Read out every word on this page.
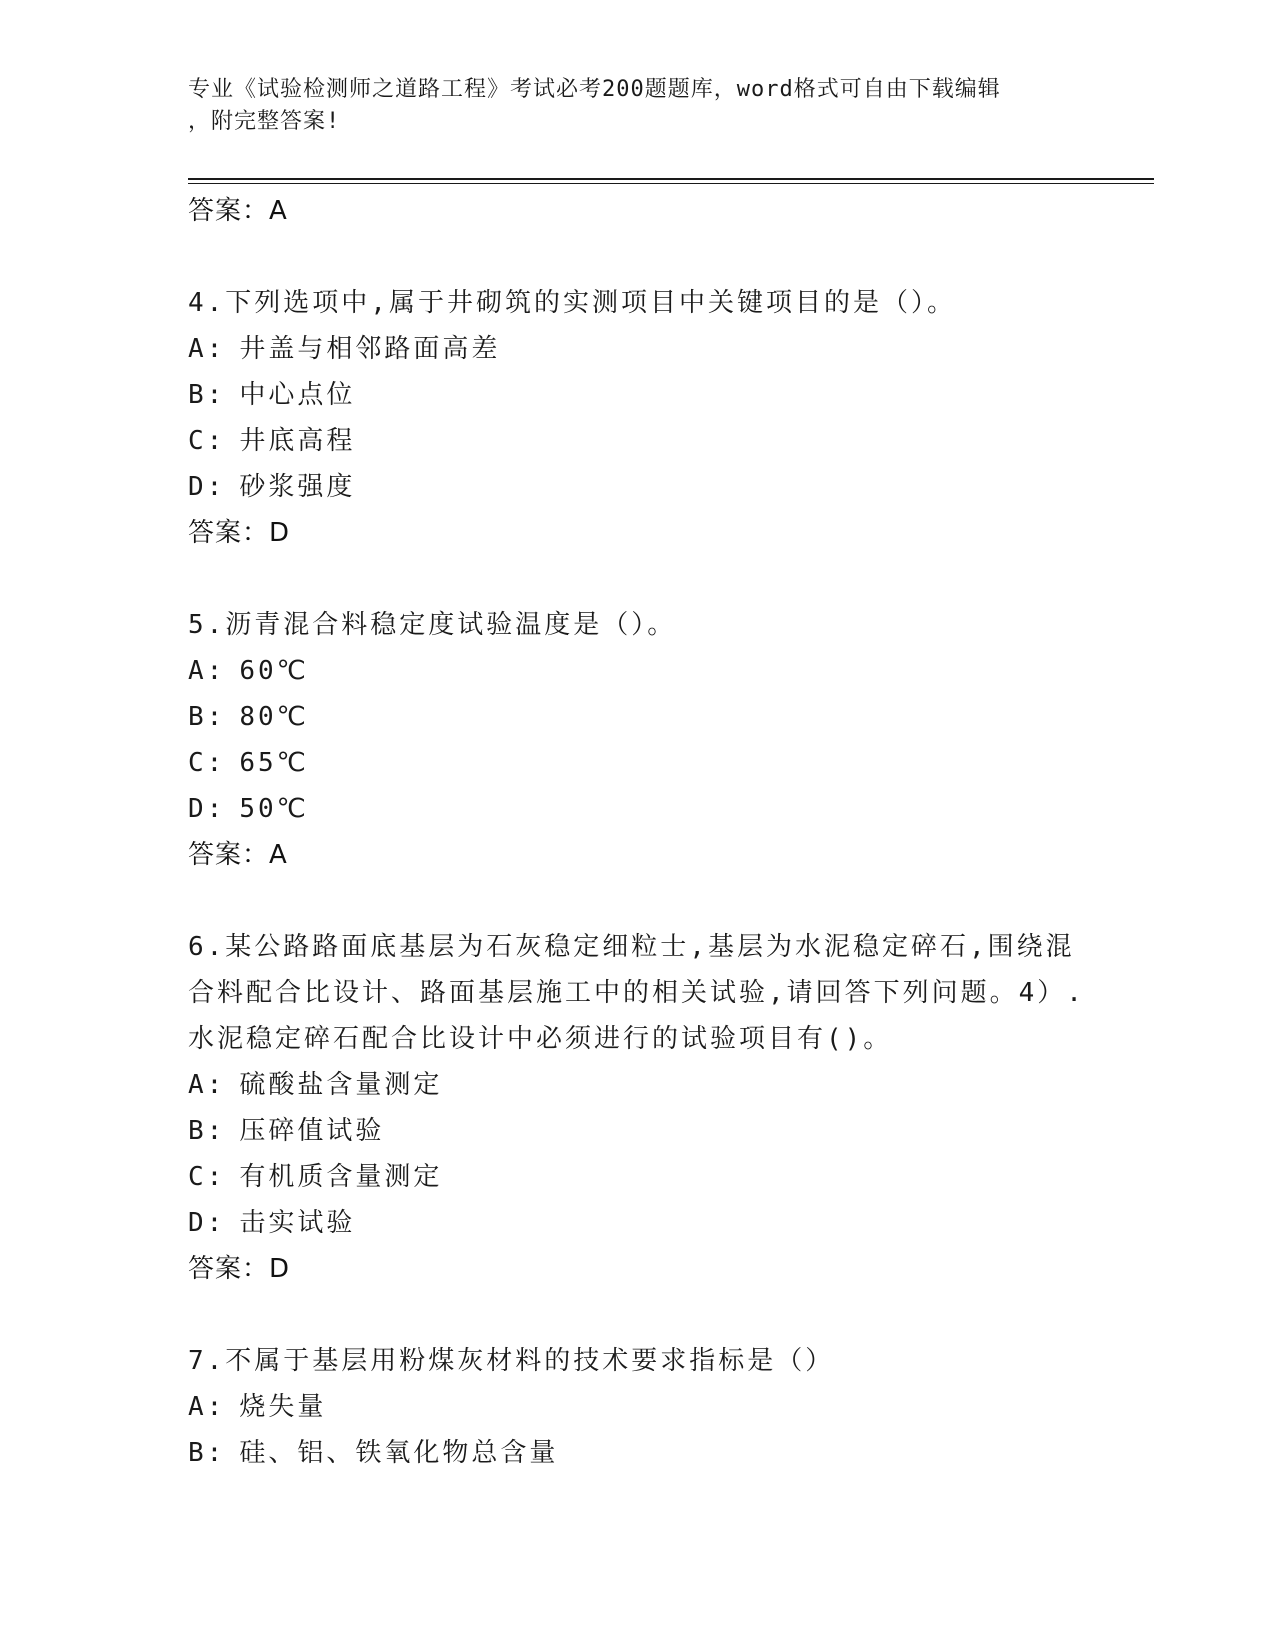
专业《试验检测师之道路工程》考试必考200题题库，word格式可自由下载编辑
，附完整答案!
答案：A
4.下列选项中,属于井砌筑的实测项目中关键项目的是（）。
A: 井盖与相邻路面高差
B: 中心点位
C: 井底高程
D: 砂浆强度
答案：D
5.沥青混合料稳定度试验温度是（）。
A: 60℃
B: 80℃
C: 65℃
D: 50℃
答案：A
6.某公路路面底基层为石灰稳定细粒士,基层为水泥稳定碎石,围绕混
合料配合比设计、路面基层施工中的相关试验,请回答下列问题。4）.
水泥稳定碎石配合比设计中必须进行的试验项目有()。
A: 硫酸盐含量测定
B: 压碎值试验
C: 有机质含量测定
D: 击实试验
答案：D
7.不属于基层用粉煤灰材料的技术要求指标是（）
A: 烧失量
B: 硅、铝、铁氧化物总含量
